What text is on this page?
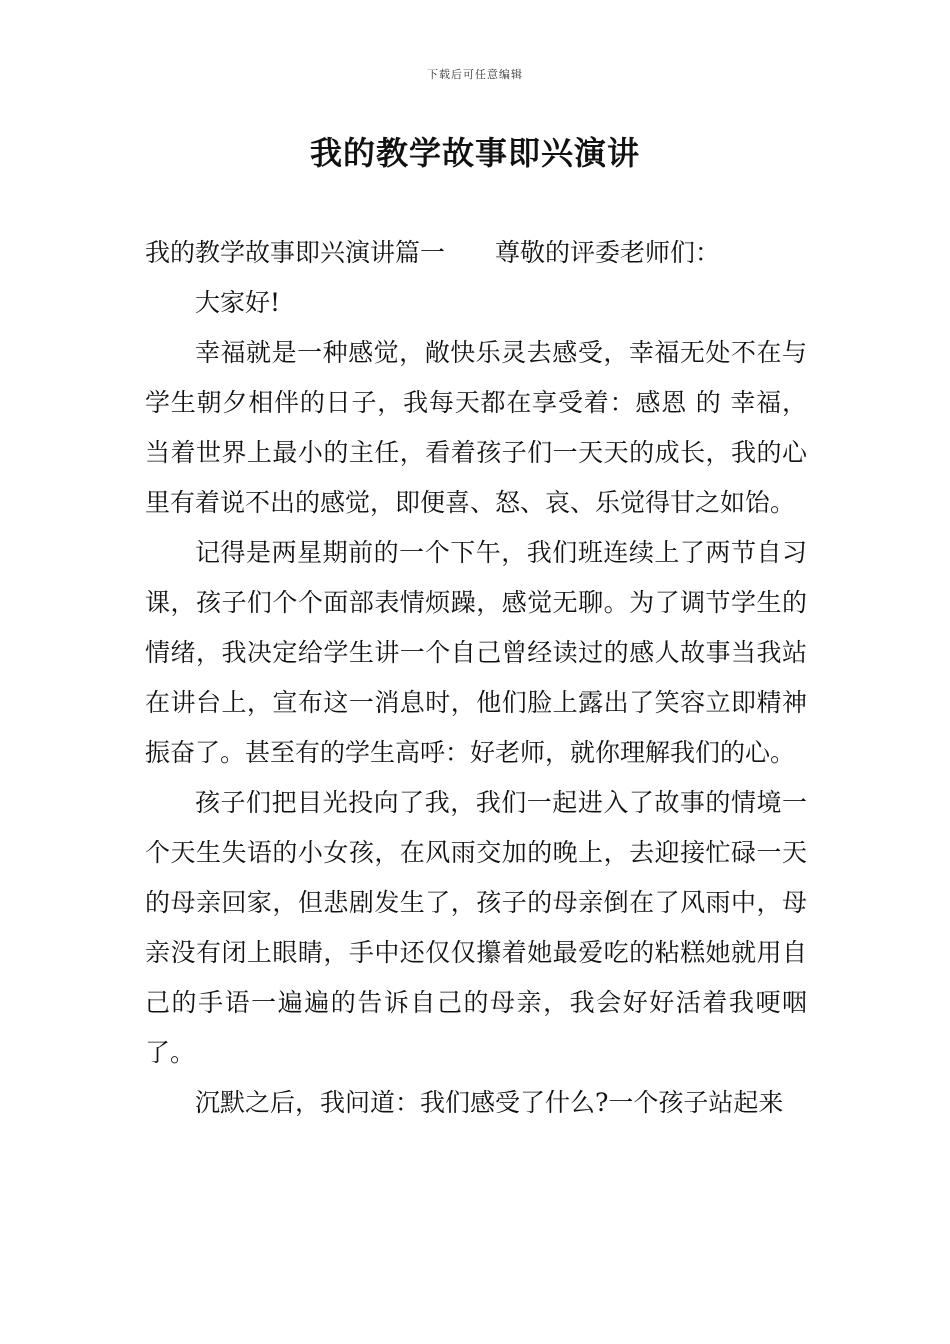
下载后可任意编辑
我的教学故事即兴演讲

我的教学故事即兴演讲篇一 尊敬的评委老师们：

大家好!

幸福就是一种感觉，敞快乐灵去感受，幸福无处不在与学生朝夕相伴的日子，我每天都在享受着：感恩 的 幸福，当着世界上最小的主任，看着孩子们一天天的成长，我的心里有着说不出的感觉，即便喜、怒、哀、乐觉得甘之如饴。

记得是两星期前的一个下午，我们班连续上了两节自习课，孩子们个个面部表情烦躁，感觉无聊。为了调节学生的情绪，我决定给学生讲一个自己曾经读过的感人故事当我站在讲台上，宣布这一消息时，他们脸上露出了笑容立即精神振奋了。甚至有的学生高呼：好老师，就你理解我们的心。

孩子们把目光投向了我，我们一起进入了故事的情境一个天生失语的小女孩，在风雨交加的晚上，去迎接忙碌一天的母亲回家，但悲剧发生了，孩子的母亲倒在了风雨中，母亲没有闭上眼睛，手中还仅仅攥着她最爱吃的粘糕她就用自己的手语一遍遍的告诉自己的母亲，我会好好活着我哽咽了。

沉默之后，我问道：我们感受了什么?一个孩子站起来
